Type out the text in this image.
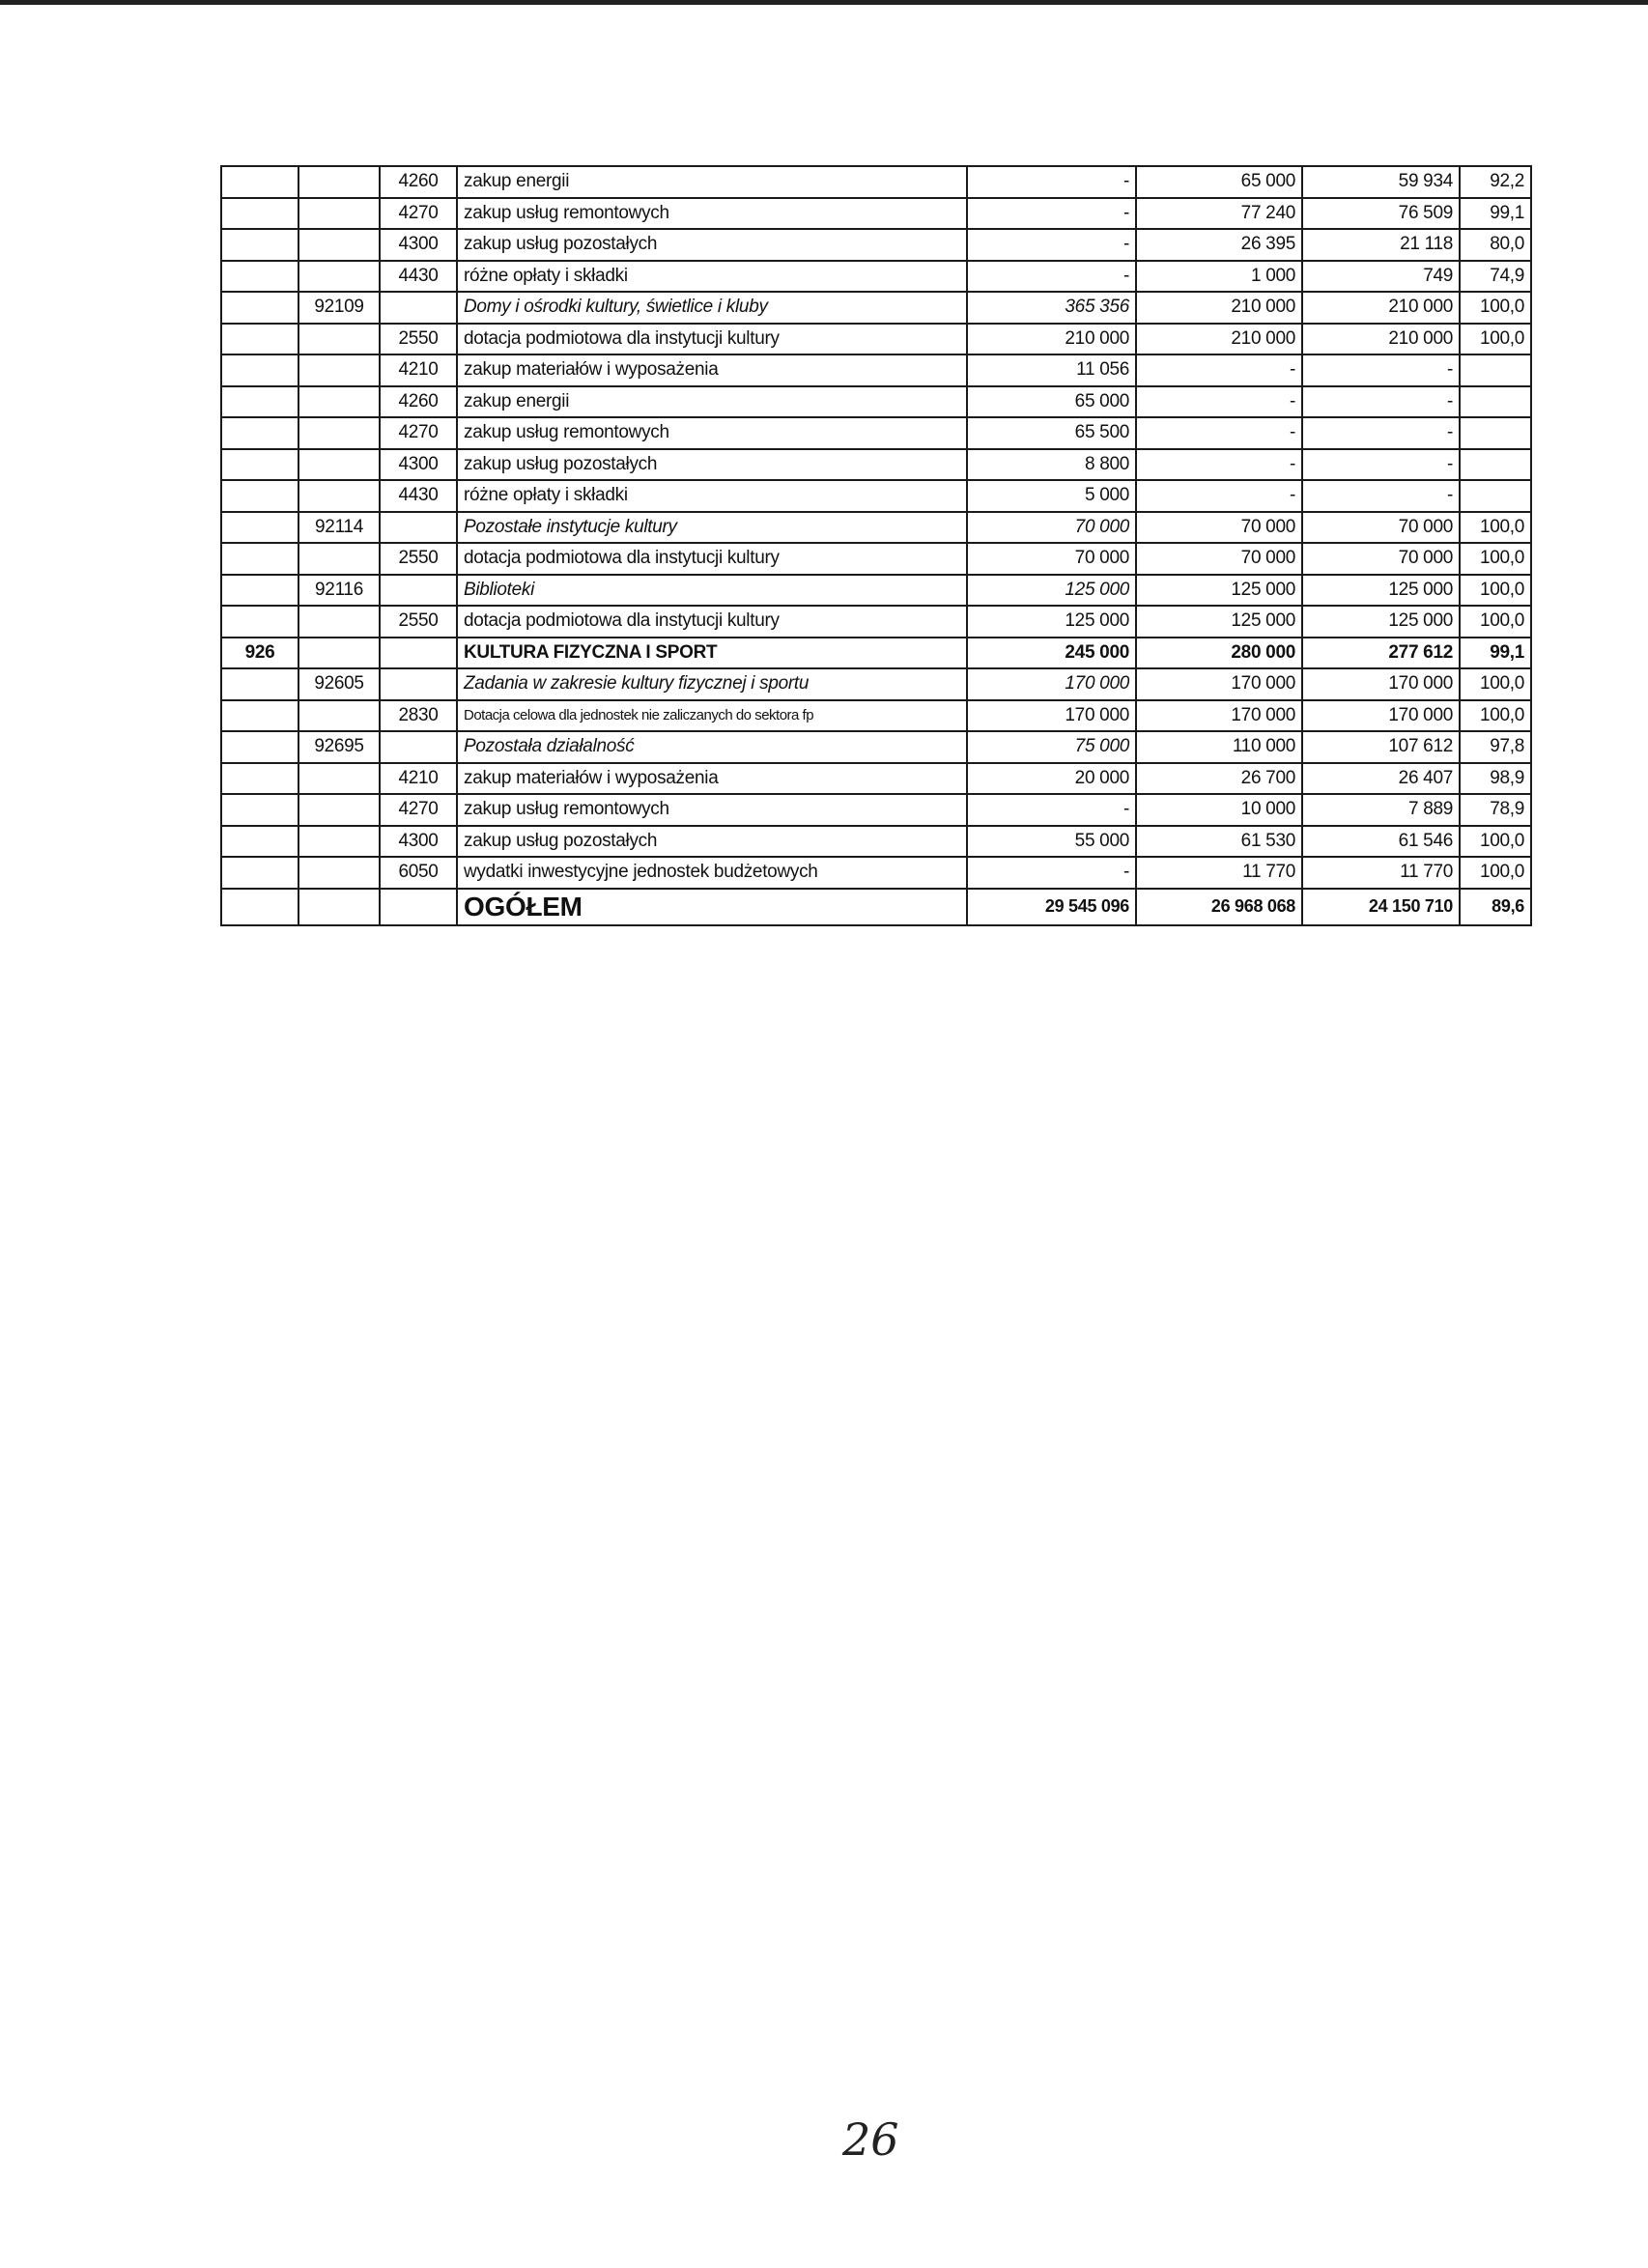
		4260	zakup energii	-	65 000	59 934	92,2
		4270	zakup usług remontowych	-	77 240	76 509	99,1
		4300	zakup usług pozostałych	-	26 395	21 118	80,0
		4430	różne opłaty i składki	-	1 000	749	74,9
	92109		Domy i ośrodki kultury, świetlice i kluby	365 356	210 000	210 000	100,0
		2550	dotacja podmiotowa dla instytucji kultury	210 000	210 000	210 000	100,0
		4210	zakup materiałów i wyposażenia	11 056	-	-	
		4260	zakup energii	65 000	-	-	
		4270	zakup usług remontowych	65 500	-	-	
		4300	zakup usług pozostałych	8 800	-	-	
		4430	różne opłaty i składki	5 000	-	-	
	92114		Pozostałe instytucje kultury	70 000	70 000	70 000	100,0
		2550	dotacja podmiotowa dla instytucji kultury	70 000	70 000	70 000	100,0
	92116		Biblioteki	125 000	125 000	125 000	100,0
		2550	dotacja podmiotowa dla instytucji kultury	125 000	125 000	125 000	100,0
926			KULTURA FIZYCZNA I SPORT	245 000	280 000	277 612	99,1
	92605		Zadania w zakresie kultury fizycznej i sportu	170 000	170 000	170 000	100,0
		2830	Dotacja celowa dla jednostek nie zaliczanych do sektora fp	170 000	170 000	170 000	100,0
	92695		Pozostała działalność	75 000	110 000	107 612	97,8
		4210	zakup materiałów i wyposażenia	20 000	26 700	26 407	98,9
		4270	zakup usług remontowych	-	10 000	7 889	78,9
		4300	zakup usług pozostałych	55 000	61 530	61 546	100,0
		6050	wydatki inwestycyjne jednostek budżetowych	-	11 770	11 770	100,0
			OGÓŁEM	29 545 096	26 968 068	24 150 710	89,6
26
